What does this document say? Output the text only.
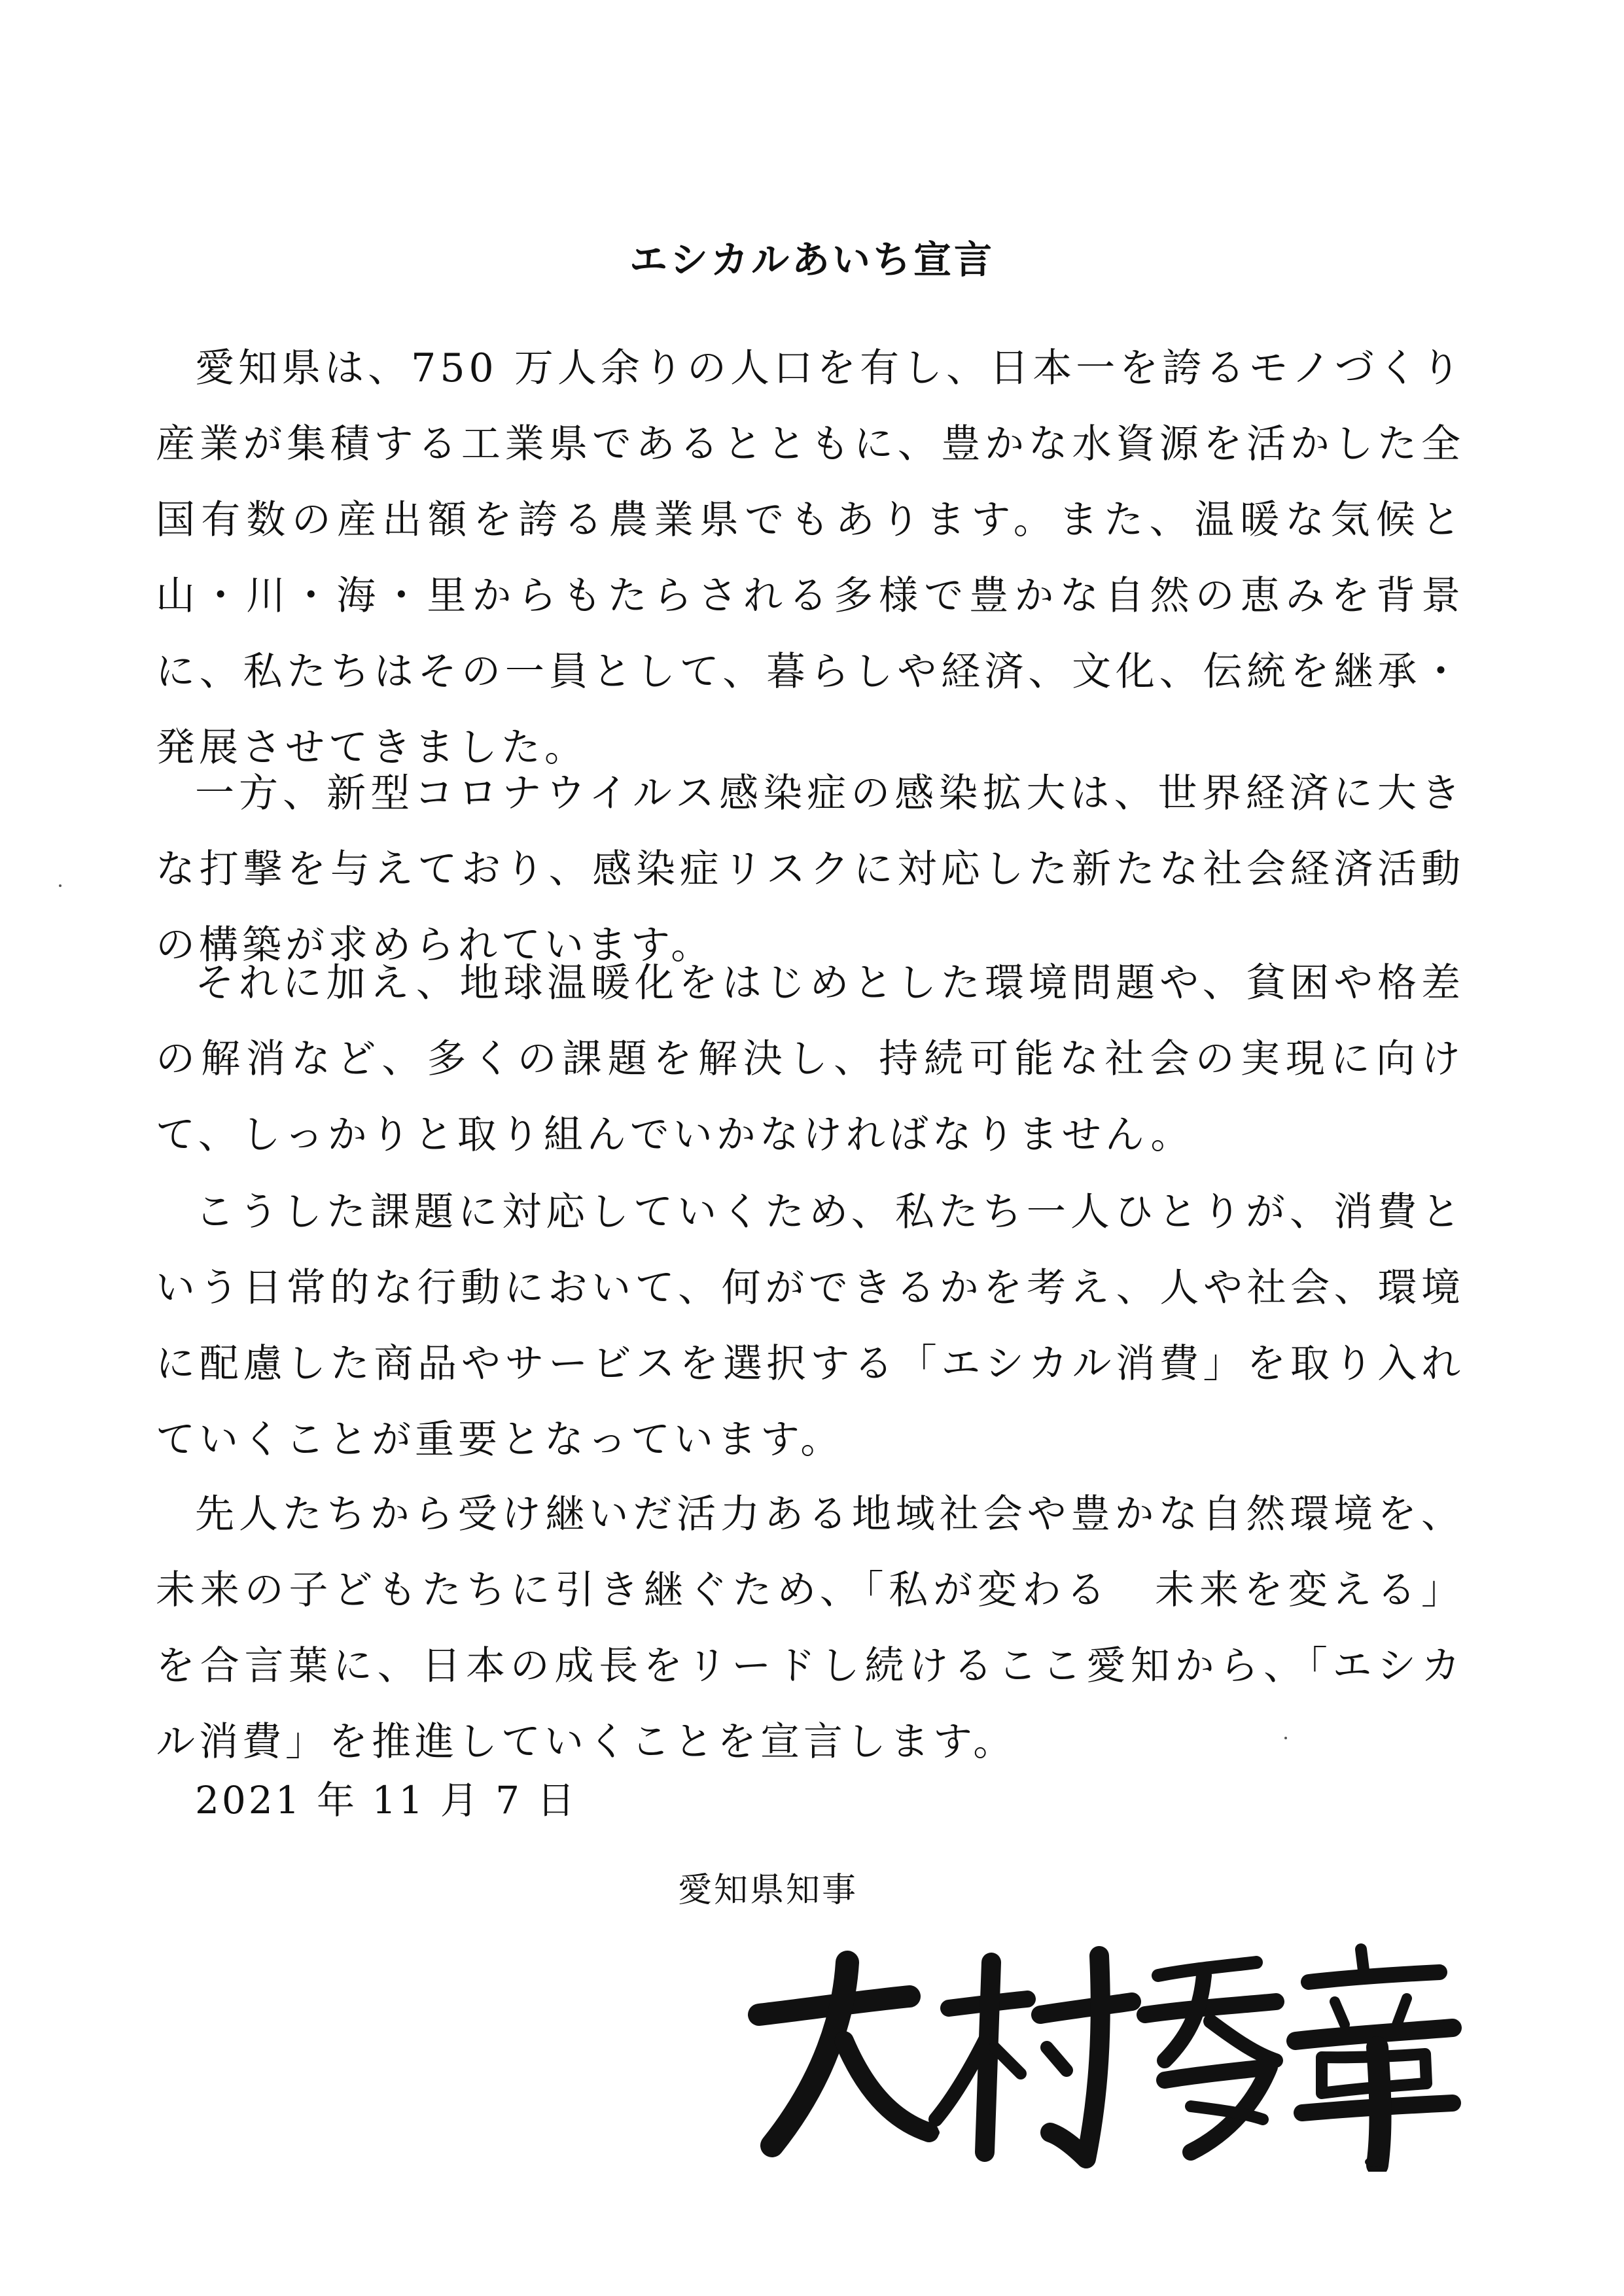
エシカルあいち宣言

愛知県は、750 万人余りの人口を有し、日本一を誇るモノづくり産業が集積する工業県であるとともに、豊かな水資源を活かした全国有数の産出額を誇る農業県でもあります。また、温暖な気候と山・川・海・里からもたらされる多様で豊かな自然の恵みを背景に、私たちはその一員として、暮らしや経済、文化、伝統を継承・発展させてきました。

一方、新型コロナウイルス感染症の感染拡大は、世界経済に大きな打撃を与えており、感染症リスクに対応した新たな社会経済活動の構築が求められています。

それに加え、地球温暖化をはじめとした環境問題や、貧困や格差の解消など、多くの課題を解決し、持続可能な社会の実現に向けて、しっかりと取り組んでいかなければなりません。

こうした課題に対応していくため、私たち一人ひとりが、消費という日常的な行動において、何ができるかを考え、人や社会、環境に配慮した商品やサービスを選択する「エシカル消費」を取り入れていくことが重要となっています。

先人たちから受け継いだ活力ある地域社会や豊かな自然環境を、未来の子どもたちに引き継ぐため、「私が変わる　未来を変える」を合言葉に、日本の成長をリードし続けるここ愛知から、「エシカル消費」を推進していくことを宣言します。

2021 年 11 月 7 日
愛知県知事
